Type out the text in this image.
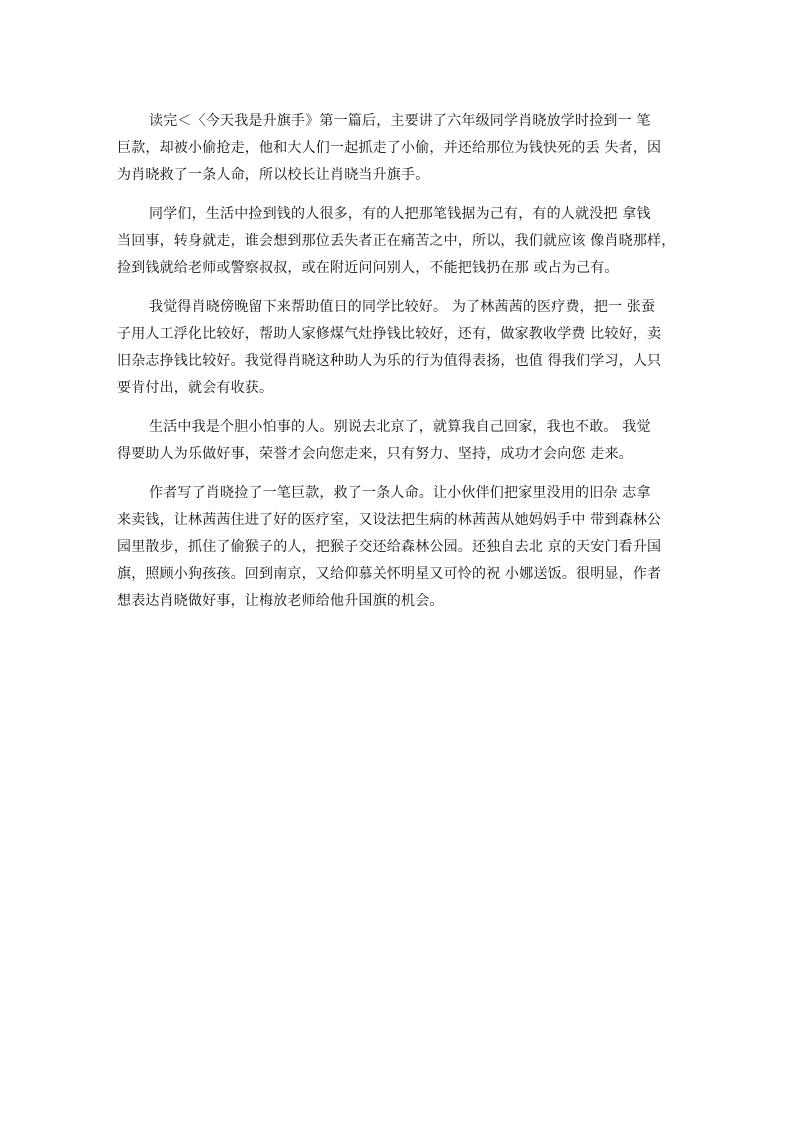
读完＜〈今天我是升旗手》第一篇后，主要讲了六年级同学肖晓放学时捡到一 笔
巨款，却被小偷抢走，他和大人们一起抓走了小偷，并还给那位为钱快死的丢 失者，因
为肖晓救了一条人命，所以校长让肖晓当升旗手。

同学们，生活中捡到钱的人很多，有的人把那笔钱据为己有，有的人就没把 拿钱
当回事，转身就走，谁会想到那位丢失者正在痛苦之中，所以，我们就应该 像肖晓那样，
捡到钱就给老师或警察叔叔，或在附近问问别人，不能把钱扔在那 或占为己有。

我觉得肖晓傍晚留下来帮助值日的同学比较好。 为了林茜茜的医疗费，把一 张蚕
子用人工浮化比较好，帮助人家修煤气灶挣钱比较好，还有，做家教收学费 比较好，卖
旧杂志挣钱比较好。我觉得肖晓这种助人为乐的行为值得表扬，也值 得我们学习，人只
要肯付出，就会有收获。

生活中我是个胆小怕事的人。别说去北京了，就算我自己回家，我也不敢。 我觉
得要助人为乐做好事，荣誉才会向您走来，只有努力、坚持，成功才会向您 走来。

作者写了肖晓捡了一笔巨款，救了一条人命。让小伙伴们把家里没用的旧杂 志拿
来卖钱，让林茜茜住进了好的医疗室，又设法把生病的林茜茜从她妈妈手中 带到森林公
园里散步，抓住了偷猴子的人，把猴子交还给森林公园。还独自去北 京的天安门看升国
旗，照顾小狗孩孩。回到南京，又给仰慕关怀明星又可怜的祝 小娜送饭。很明显，作者
想表达肖晓做好事，让梅放老师给他升国旗的机会。
